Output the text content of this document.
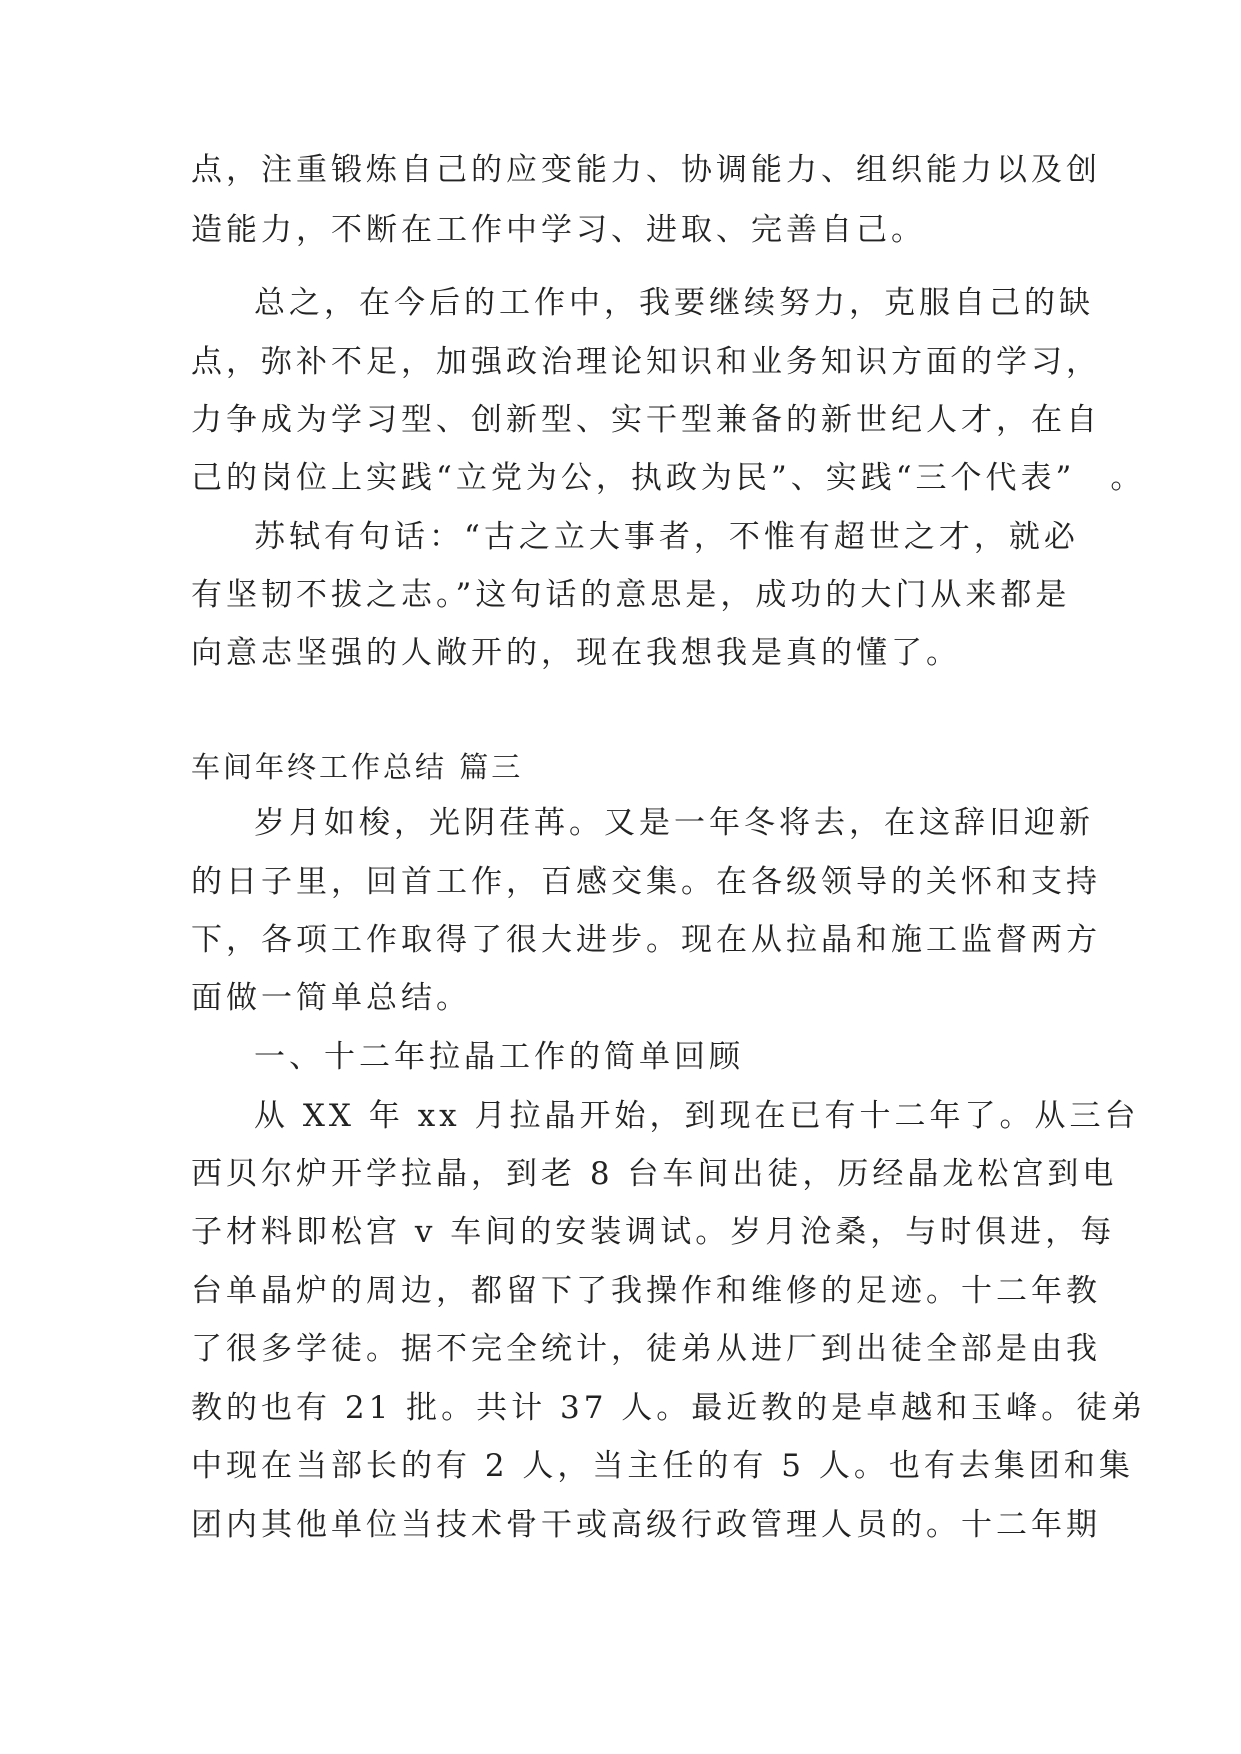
点，注重锻炼自己的应变能力、协调能力、组织能力以及创

造能力，不断在工作中学习、进取、完善自己。

总之，在今后的工作中，我要继续努力，克服自己的缺

点，弥补不足，加强政治理论知识和业务知识方面的学习，

力争成为学习型、创新型、实干型兼备的新世纪人才，在自

己的岗位上实践“立党为公，执政为民”、实践“三个代表”　。

苏轼有句话：“古之立大事者，不惟有超世之才，就必

有坚韧不拔之志。”这句话的意思是，成功的大门从来都是

向意志坚强的人敞开的，现在我想我是真的懂了。

车间年终工作总结 篇三

岁月如梭，光阴荏苒。又是一年冬将去，在这辞旧迎新

的日子里，回首工作，百感交集。在各级领导的关怀和支持

下，各项工作取得了很大进步。现在从拉晶和施工监督两方

面做一简单总结。

一、十二年拉晶工作的简单回顾

从 XX 年 xx 月拉晶开始，到现在已有十二年了。从三台

西贝尔炉开学拉晶，到老 8 台车间出徒，历经晶龙松宫到电

子材料即松宫 v 车间的安装调试。岁月沧桑，与时俱进，每

台单晶炉的周边，都留下了我操作和维修的足迹。十二年教

了很多学徒。据不完全统计，徒弟从进厂到出徒全部是由我

教的也有 21 批。共计 37 人。最近教的是卓越和玉峰。徒弟

中现在当部长的有 2 人，当主任的有 5 人。也有去集团和集

团内其他单位当技术骨干或高级行政管理人员的。十二年期
